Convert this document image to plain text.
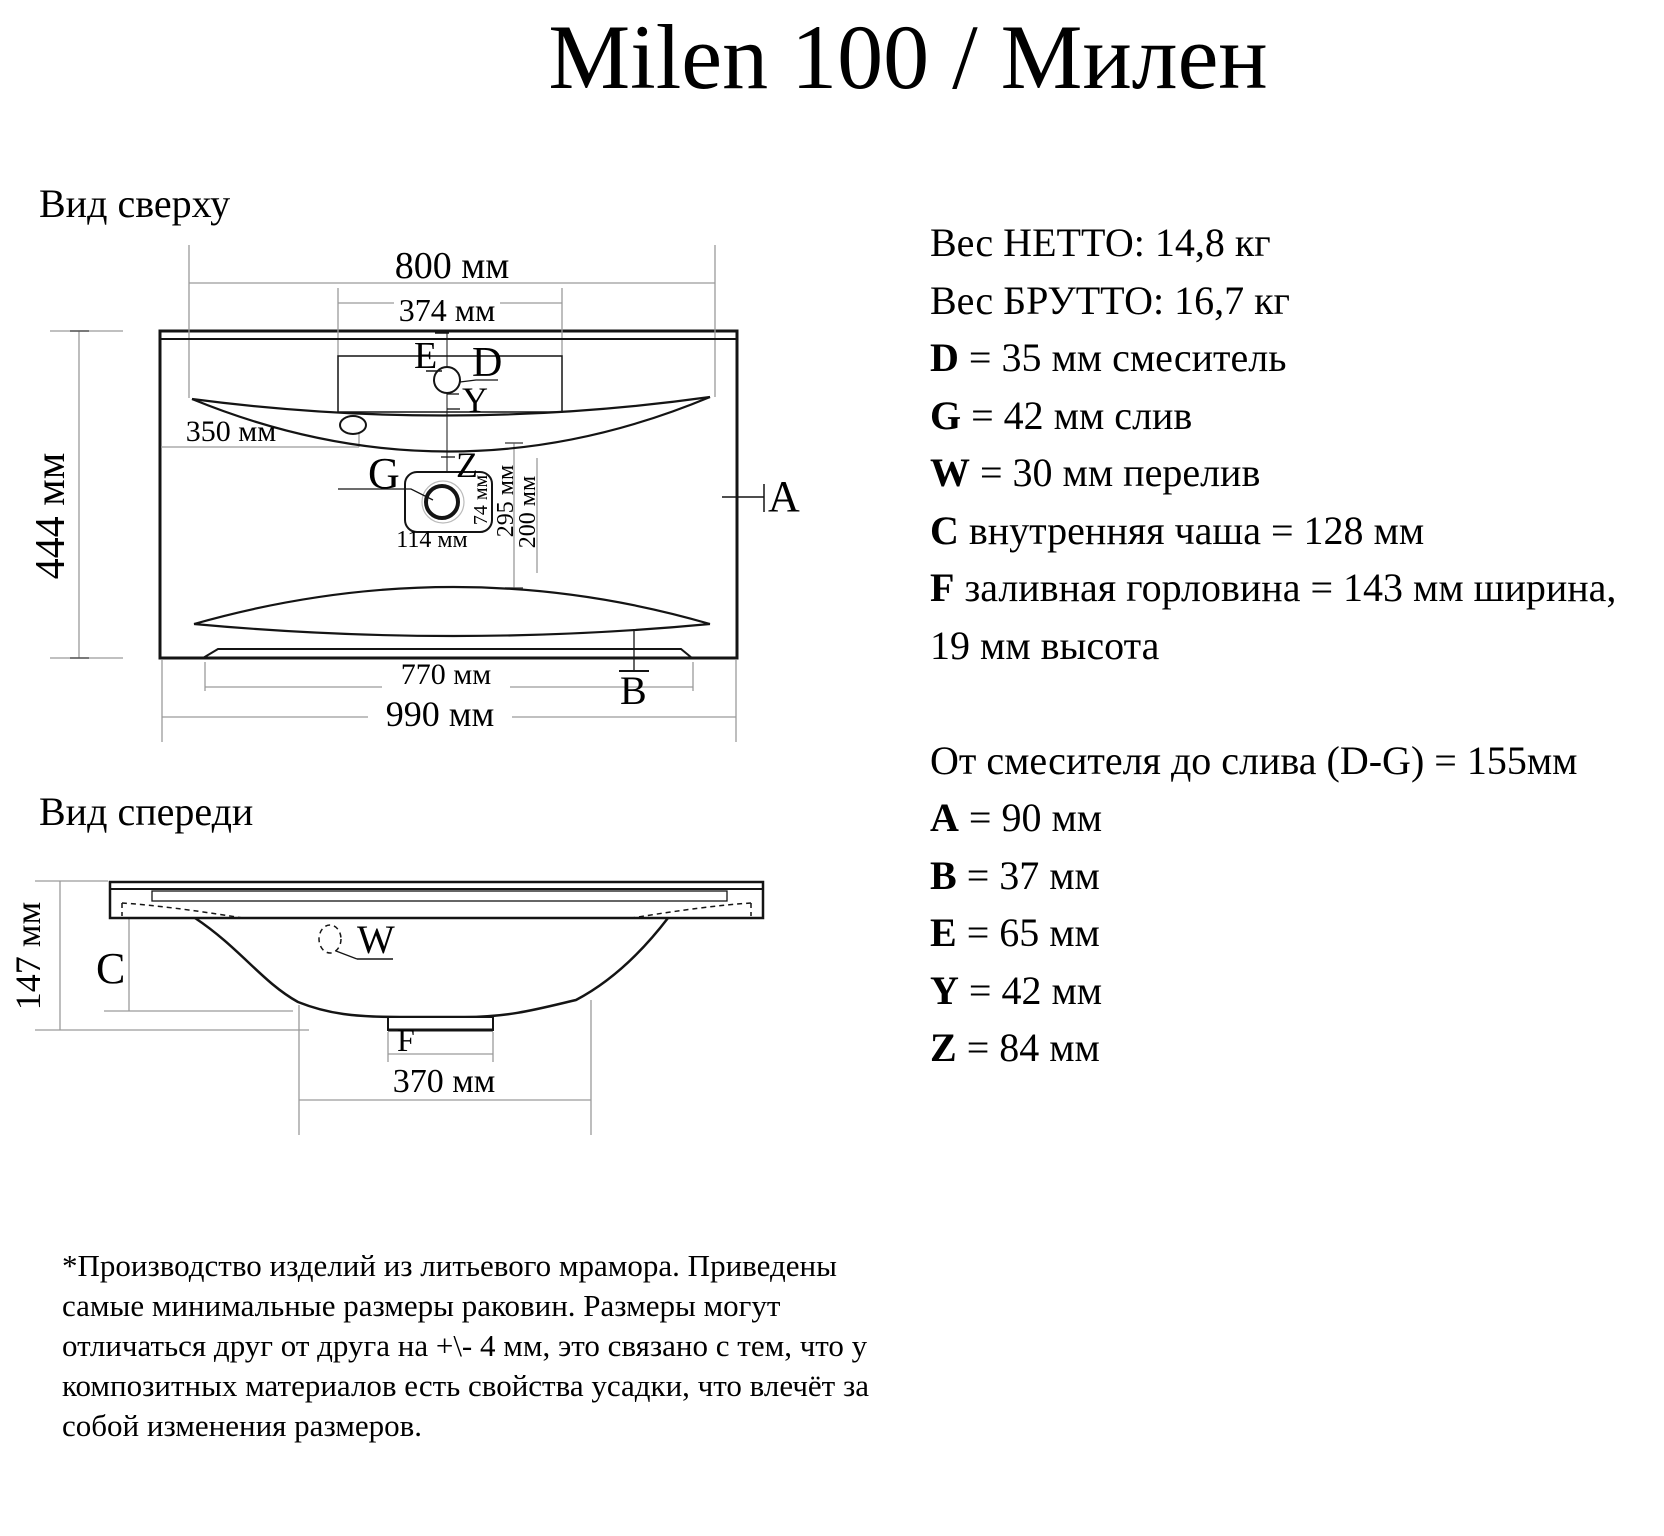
Milen 100 / Милен
Вид сверху
Вид спереди
800 мм
374 мм
444 мм
350 мм
74 мм 295 мм
200 мм
114 мм
770 мм
990 мм
E D
Y
Z
G	A
B
147 мм C
W
F
370 мм
Вес НЕТТО: 14,8 кг
Вес БРУТТО: 16,7 кг
D = 35 мм смеситель
G = 42 мм слив
W = 30 мм перелив
C внутренняя чаша = 128 мм
F заливная горловина = 143 мм ширина,
19 мм высота
От смесителя до слива (D-G) = 155мм
A = 90 мм
B = 37 мм
E = 65 мм
Y = 42 мм
Z = 84 мм
*Производство изделий из литьевого мрамора. Приведены
самые минимальные размеры раковин. Размеры могут
отличаться друг от друга на +\- 4 мм, это связано с тем, что у
композитных материалов есть свойства усадки, что влечёт за
собой изменения размеров.
